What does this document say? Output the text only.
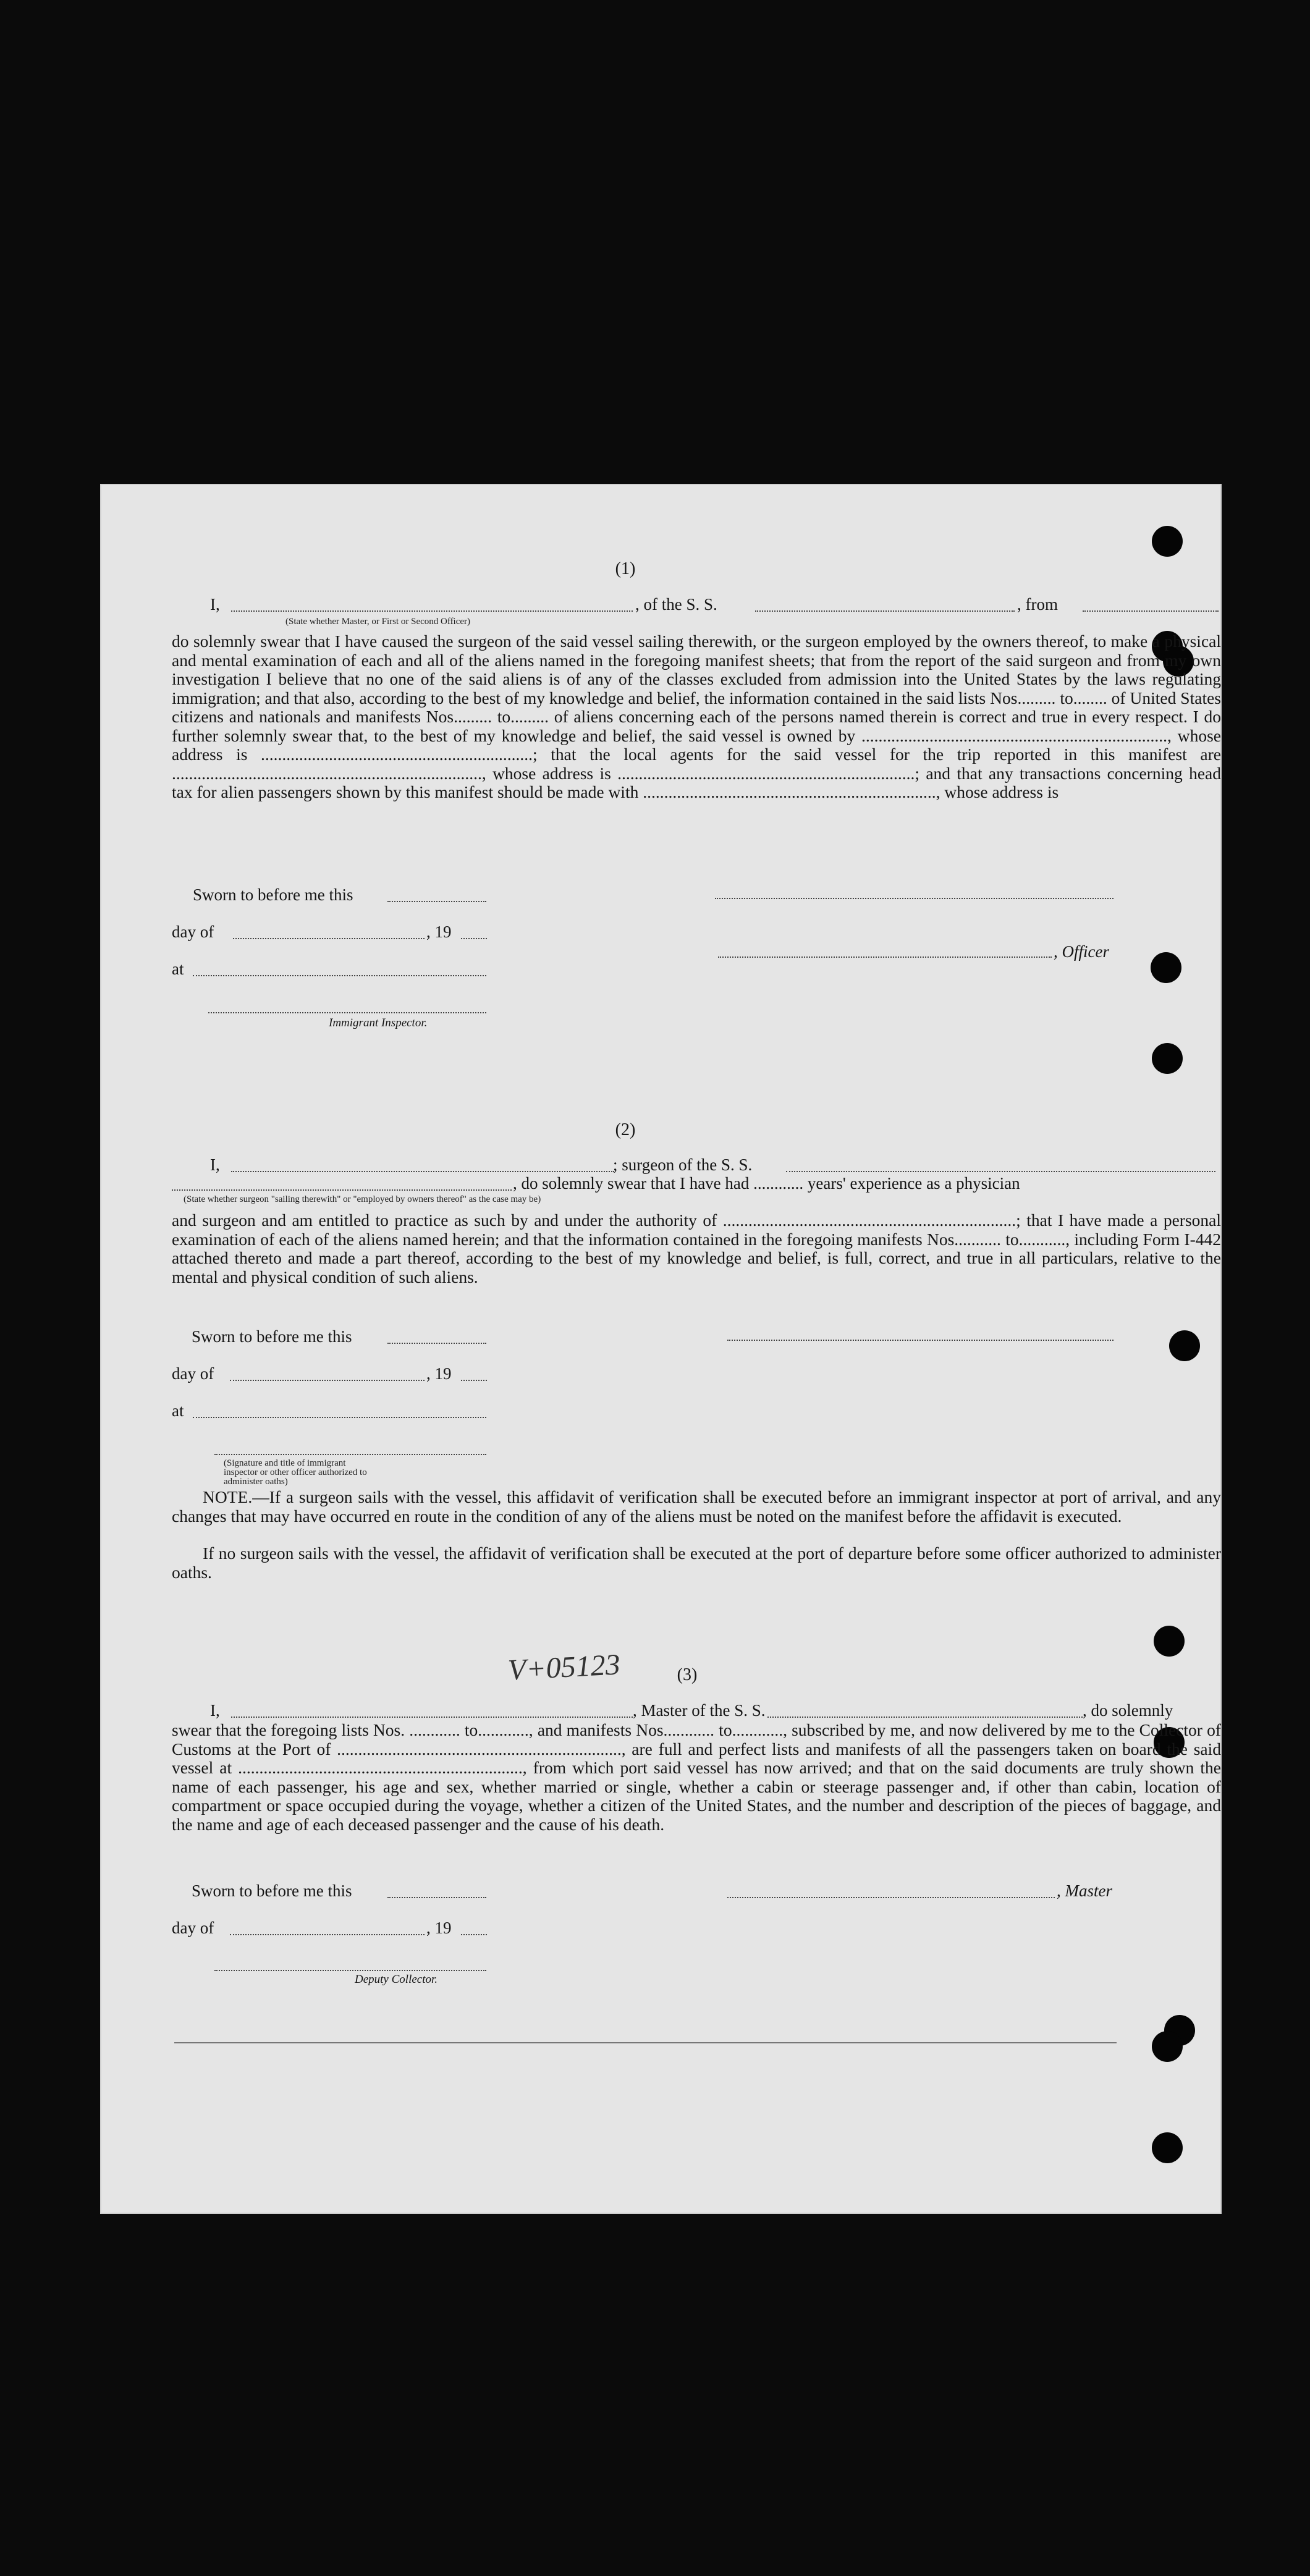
(1)
I,	, of the S. S.	, from
(State whether Master, or First or Second Officer)
do solemnly swear that I have caused the surgeon of the said vessel sailing therewith, or the surgeon employed by the owners thereof, to make a physical and mental examination of each and all of the aliens named in the foregoing manifest sheets; that from the report of the said surgeon and from my own investigation I believe that no one of the said aliens is of any of the classes excluded from admission into the United States by the laws regulating immigration; and that also, according to the best of my knowledge and belief, the information contained in the said lists Nos......... to........ of United States citizens and nationals and manifests Nos......... to......... of aliens concerning each of the persons named therein is correct and true in every respect. I do further solemnly swear that, to the best of my knowledge and belief, the said vessel is owned by ........................................................................, whose address is ................................................................; that the local agents for the said vessel for the trip reported in this manifest are ........................................................................., whose address is ......................................................................; and that any transactions concerning head tax for alien passengers shown by this manifest should be made with ....................................................................., whose address is
Sworn to before me this
day of	, 19
, Officer
at
Immigrant Inspector.
(2)
I,	; surgeon of the S. S.
, do solemnly swear that I have had ............ years' experience as a physician
(State whether surgeon "sailing therewith" or "employed by owners thereof" as the case may be)
and surgeon and am entitled to practice as such by and under the authority of .....................................................................; that I have made a personal examination of each of the aliens named herein; and that the information contained in the foregoing manifests Nos........... to..........., including Form I-442 attached thereto and made a part thereof, according to the best of my knowledge and belief, is full, correct, and true in all particulars, relative to the mental and physical condition of such aliens.
Sworn to before me this
day of	, 19
at
(Signature and title of immigrant inspector or other officer authorized to administer oaths)
NOTE.—If a surgeon sails with the vessel, this affidavit of verification shall be executed before an immigrant inspector at port of arrival, and any changes that may have occurred en route in the condition of any of the aliens must be noted on the manifest before the affidavit is executed.
If no surgeon sails with the vessel, the affidavit of verification shall be executed at the port of departure before some officer authorized to administer oaths.
V+05123	(3)
I,	, Master of the S. S.	, do solemnly
swear that the foregoing lists Nos. ............ to............, and manifests Nos............ to............, subscribed by me, and now delivered by me to the Collector of Customs at the Port of ..................................................................., are full and perfect lists and manifests of all the passengers taken on board the said vessel at ..................................................................., from which port said vessel has now arrived; and that on the said documents are truly shown the name of each passenger, his age and sex, whether married or single, whether a cabin or steerage passenger and, if other than cabin, location of compartment or space occupied during the voyage, whether a citizen of the United States, and the number and description of the pieces of baggage, and the name and age of each deceased passenger and the cause of his death.
Sworn to before me this	, Master
day of	, 19
Deputy Collector.
